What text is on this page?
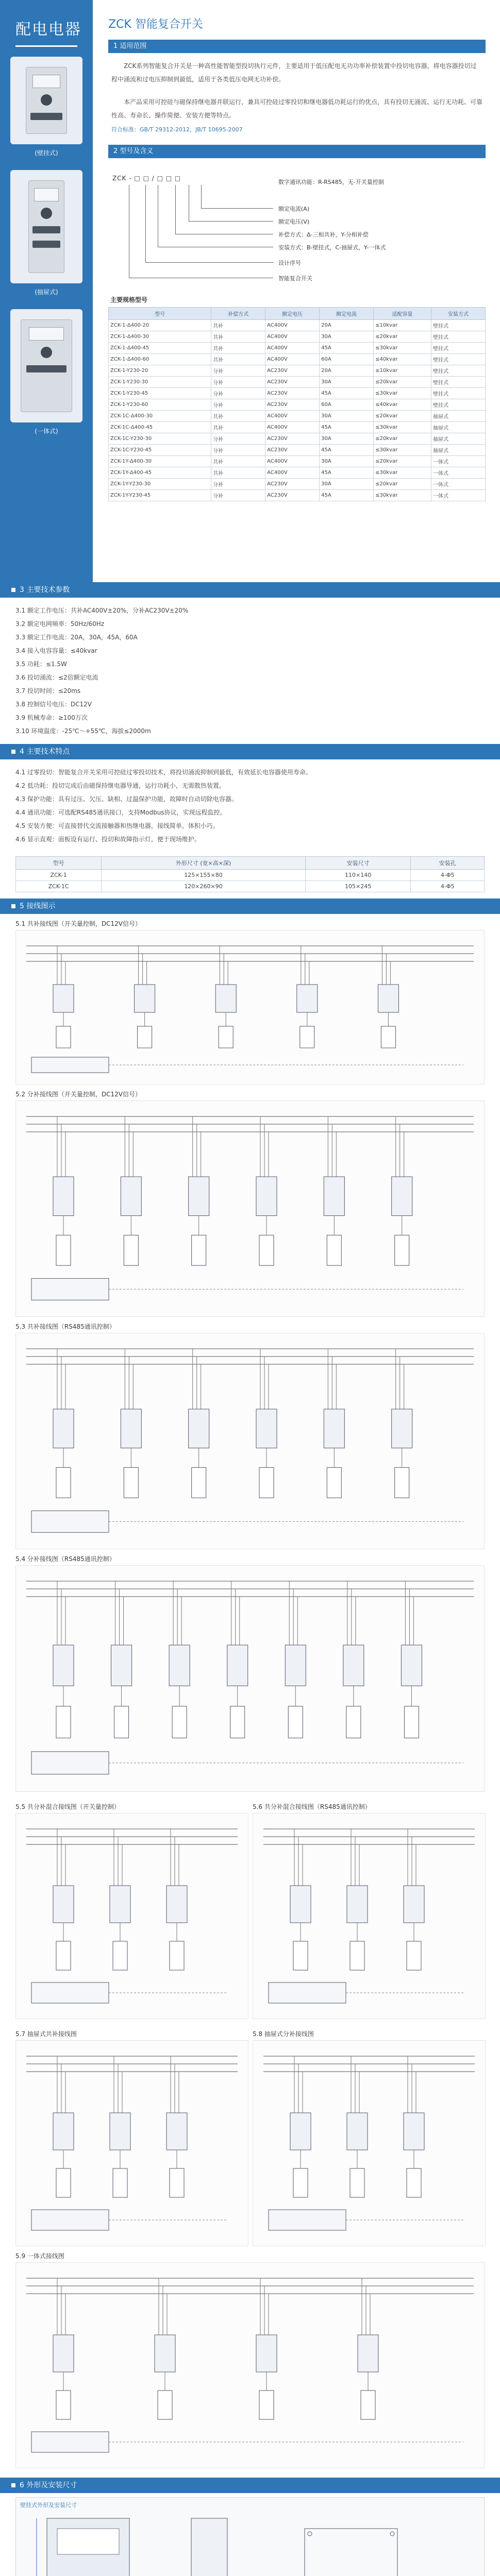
配电电器
(壁挂式)
(抽屉式)
(一体式)
ZCK 智能复合开关
1 适用范围
ZCK系列智能复合开关是一种高性能智能型投切执行元件，主要适用于低压配电无功功率补偿装置中投切电容器，将电容器投切过程中涌流和过电压抑制到最低，适用于各类低压电网无功补偿。
本产品采用可控硅与磁保持继电器并联运行，兼具可控硅过零投切和继电器低功耗运行的优点，具有投切无涌流、运行无功耗、可靠性高、寿命长、操作简便、安装方便等特点。
符合标准：GB/T 29312-2012，JB/T 10695-2007
2 型号及含义
ZCK - □ □ / □ □ □
数字通讯功能：R-RS485，无-开关量控制
额定电流(A)
额定电压(V)
补偿方式：Δ-三相共补，Y-分相补偿
安装方式：B-壁挂式，C-抽屉式，Y-一体式
设计序号
智能复合开关
主要规格型号
型号	补偿方式	额定电压	额定电流	适配容量	安装方式
ZCK-1-Δ400-20	共补	AC400V	20A	≤10kvar	壁挂式
ZCK-1-Δ400-30	共补	AC400V	30A	≤20kvar	壁挂式
ZCK-1-Δ400-45	共补	AC400V	45A	≤30kvar	壁挂式
ZCK-1-Δ400-60	共补	AC400V	60A	≤40kvar	壁挂式
ZCK-1-Y230-20	分补	AC230V	20A	≤10kvar	壁挂式
ZCK-1-Y230-30	分补	AC230V	30A	≤20kvar	壁挂式
ZCK-1-Y230-45	分补	AC230V	45A	≤30kvar	壁挂式
ZCK-1-Y230-60	分补	AC230V	60A	≤40kvar	壁挂式
ZCK-1C-Δ400-30	共补	AC400V	30A	≤20kvar	抽屉式
ZCK-1C-Δ400-45	共补	AC400V	45A	≤30kvar	抽屉式
ZCK-1C-Y230-30	分补	AC230V	30A	≤20kvar	抽屉式
ZCK-1C-Y230-45	分补	AC230V	45A	≤30kvar	抽屉式
ZCK-1Y-Δ400-30	共补	AC400V	30A	≤20kvar	一体式
ZCK-1Y-Δ400-45	共补	AC400V	45A	≤30kvar	一体式
ZCK-1Y-Y230-30	分补	AC230V	30A	≤20kvar	一体式
ZCK-1Y-Y230-45	分补	AC230V	45A	≤30kvar	一体式
3 主要技术参数
3.1 额定工作电压：共补AC400V±20%，分补AC230V±20%
3.2 额定电网频率：50Hz/60Hz
3.3 额定工作电流：20A，30A，45A，60A
3.4 接入电容容量：≤40kvar
3.5 功耗：≤1.5W
3.6 投切涌流：≤2倍额定电流
3.7 投切时间：≤20ms
3.8 控制信号电压：DC12V
3.9 机械寿命：≥100万次
3.10 环境温度：-25℃～+55℃，海拔≤2000m
4 主要技术特点
4.1 过零投切：智能复合开关采用可控硅过零投切技术，将投切涌流抑制到最低，有效延长电容器使用寿命。
4.2 低功耗：投切完成后由磁保持继电器导通，运行功耗小，无需散热装置。
4.3 保护功能：具有过压、欠压、缺相、过温保护功能，故障时自动切除电容器。
4.4 通讯功能：可选配RS485通讯接口，支持Modbus协议，实现远程监控。
4.5 安装方便：可直接替代交流接触器和热继电器，接线简单，体积小巧。
4.6 显示直观：面板设有运行、投切和故障指示灯，便于现场维护。
型号	外形尺寸 (宽×高×深)	安装尺寸	安装孔
ZCK-1	125×155×80	110×140	4-Φ5
ZCK-1C	120×260×90	105×245	4-Φ5
5 接线图示
5.1 共补接线图（开关量控制，DC12V信号）
5.2 分补接线图（开关量控制，DC12V信号）
5.3 共补接线图（RS485通讯控制）
5.4 分补接线图（RS485通讯控制）
5.5 共分补混合接线图（开关量控制）	5.6 共分补混合接线图（RS485通讯控制）
5.7 抽屉式共补接线图	5.8 抽屉式分补接线图
5.9 一体式接线图
6 外形及安装尺寸
壁挂式外形及安装尺寸
